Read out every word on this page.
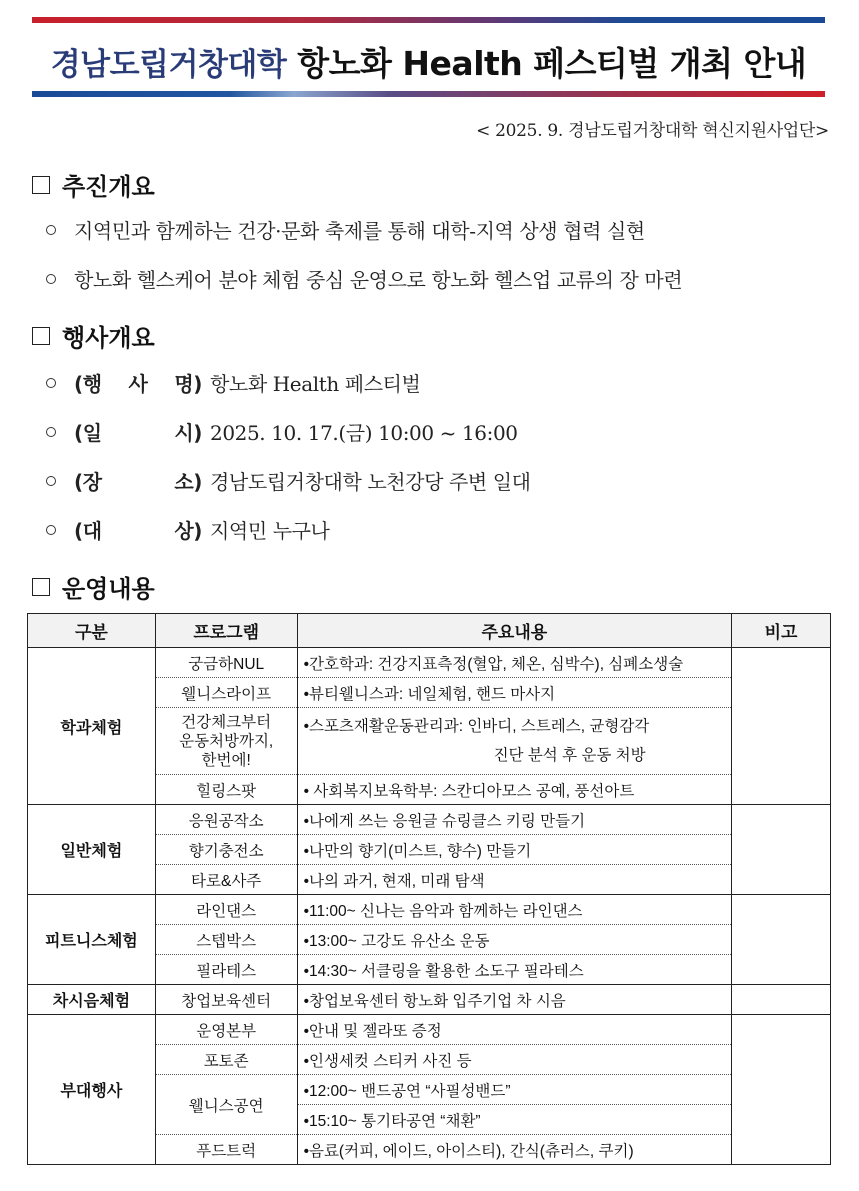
경남도립거창대학 항노화 Health 페스티벌 개최 안내
< 2025. 9. 경남도립거창대학 혁신지원사업단>
추진개요
지역민과 함께하는 건강·문화 축제를 통해 대학-지역 상생 협력 실현
항노화 헬스케어 분야 체험 중심 운영으로 항노화 헬스업 교류의 장 마련
행사개요
(행 사 명) 항노화 Health 페스티벌
(일	시) 2025. 10. 17.(금) 10:00 ~ 16:00
(장	소) 경남도립거창대학 노천강당 주변 일대
(대	상) 지역민 누구나
운영내용
구분	프로그램	주요내용	비고
학과체험	궁금하NUL	•간호학과: 건강지표측정(혈압, 체온, 심박수), 심폐소생술	
	웰니스라이프	•뷰티웰니스과: 네일체험, 핸드 마사지	
	건강체크부터
운동처방까지,
한번에!	•스포츠재활운동관리과: 인바디, 스트레스, 균형감각
진단 분석 후 운동 처방	

	힐링스팟	• 사회복지보육학부: 스칸디아모스 공예, 풍선아트	
일반체험	응원공작소	•나에게 쓰는 응원글 슈링클스 키링 만들기	
	향기충전소	•나만의 향기(미스트, 향수) 만들기	
	타로&사주	•나의 과거, 현재, 미래 탐색	
피트니스체험	라인댄스	•11:00~ 신나는 음악과 함께하는 라인댄스	
	스텝박스	•13:00~ 고강도 유산소 운동	
	필라테스	•14:30~ 서클링을 활용한 소도구 필라테스	
차시음체험	창업보육센터	•창업보육센터 항노화 입주기업 차 시음	
부대행사	운영본부	•안내 및 젤라또 증정	
	포토존	•인생세컷 스티커 사진 등	
	웰니스공연	•12:00~ 밴드공연 “사필성밴드”	
		•15:10~ 통기타공연 “채환”	
	푸드트럭	•음료(커피, 에이드, 아이스티), 간식(츄러스, 쿠키)	
